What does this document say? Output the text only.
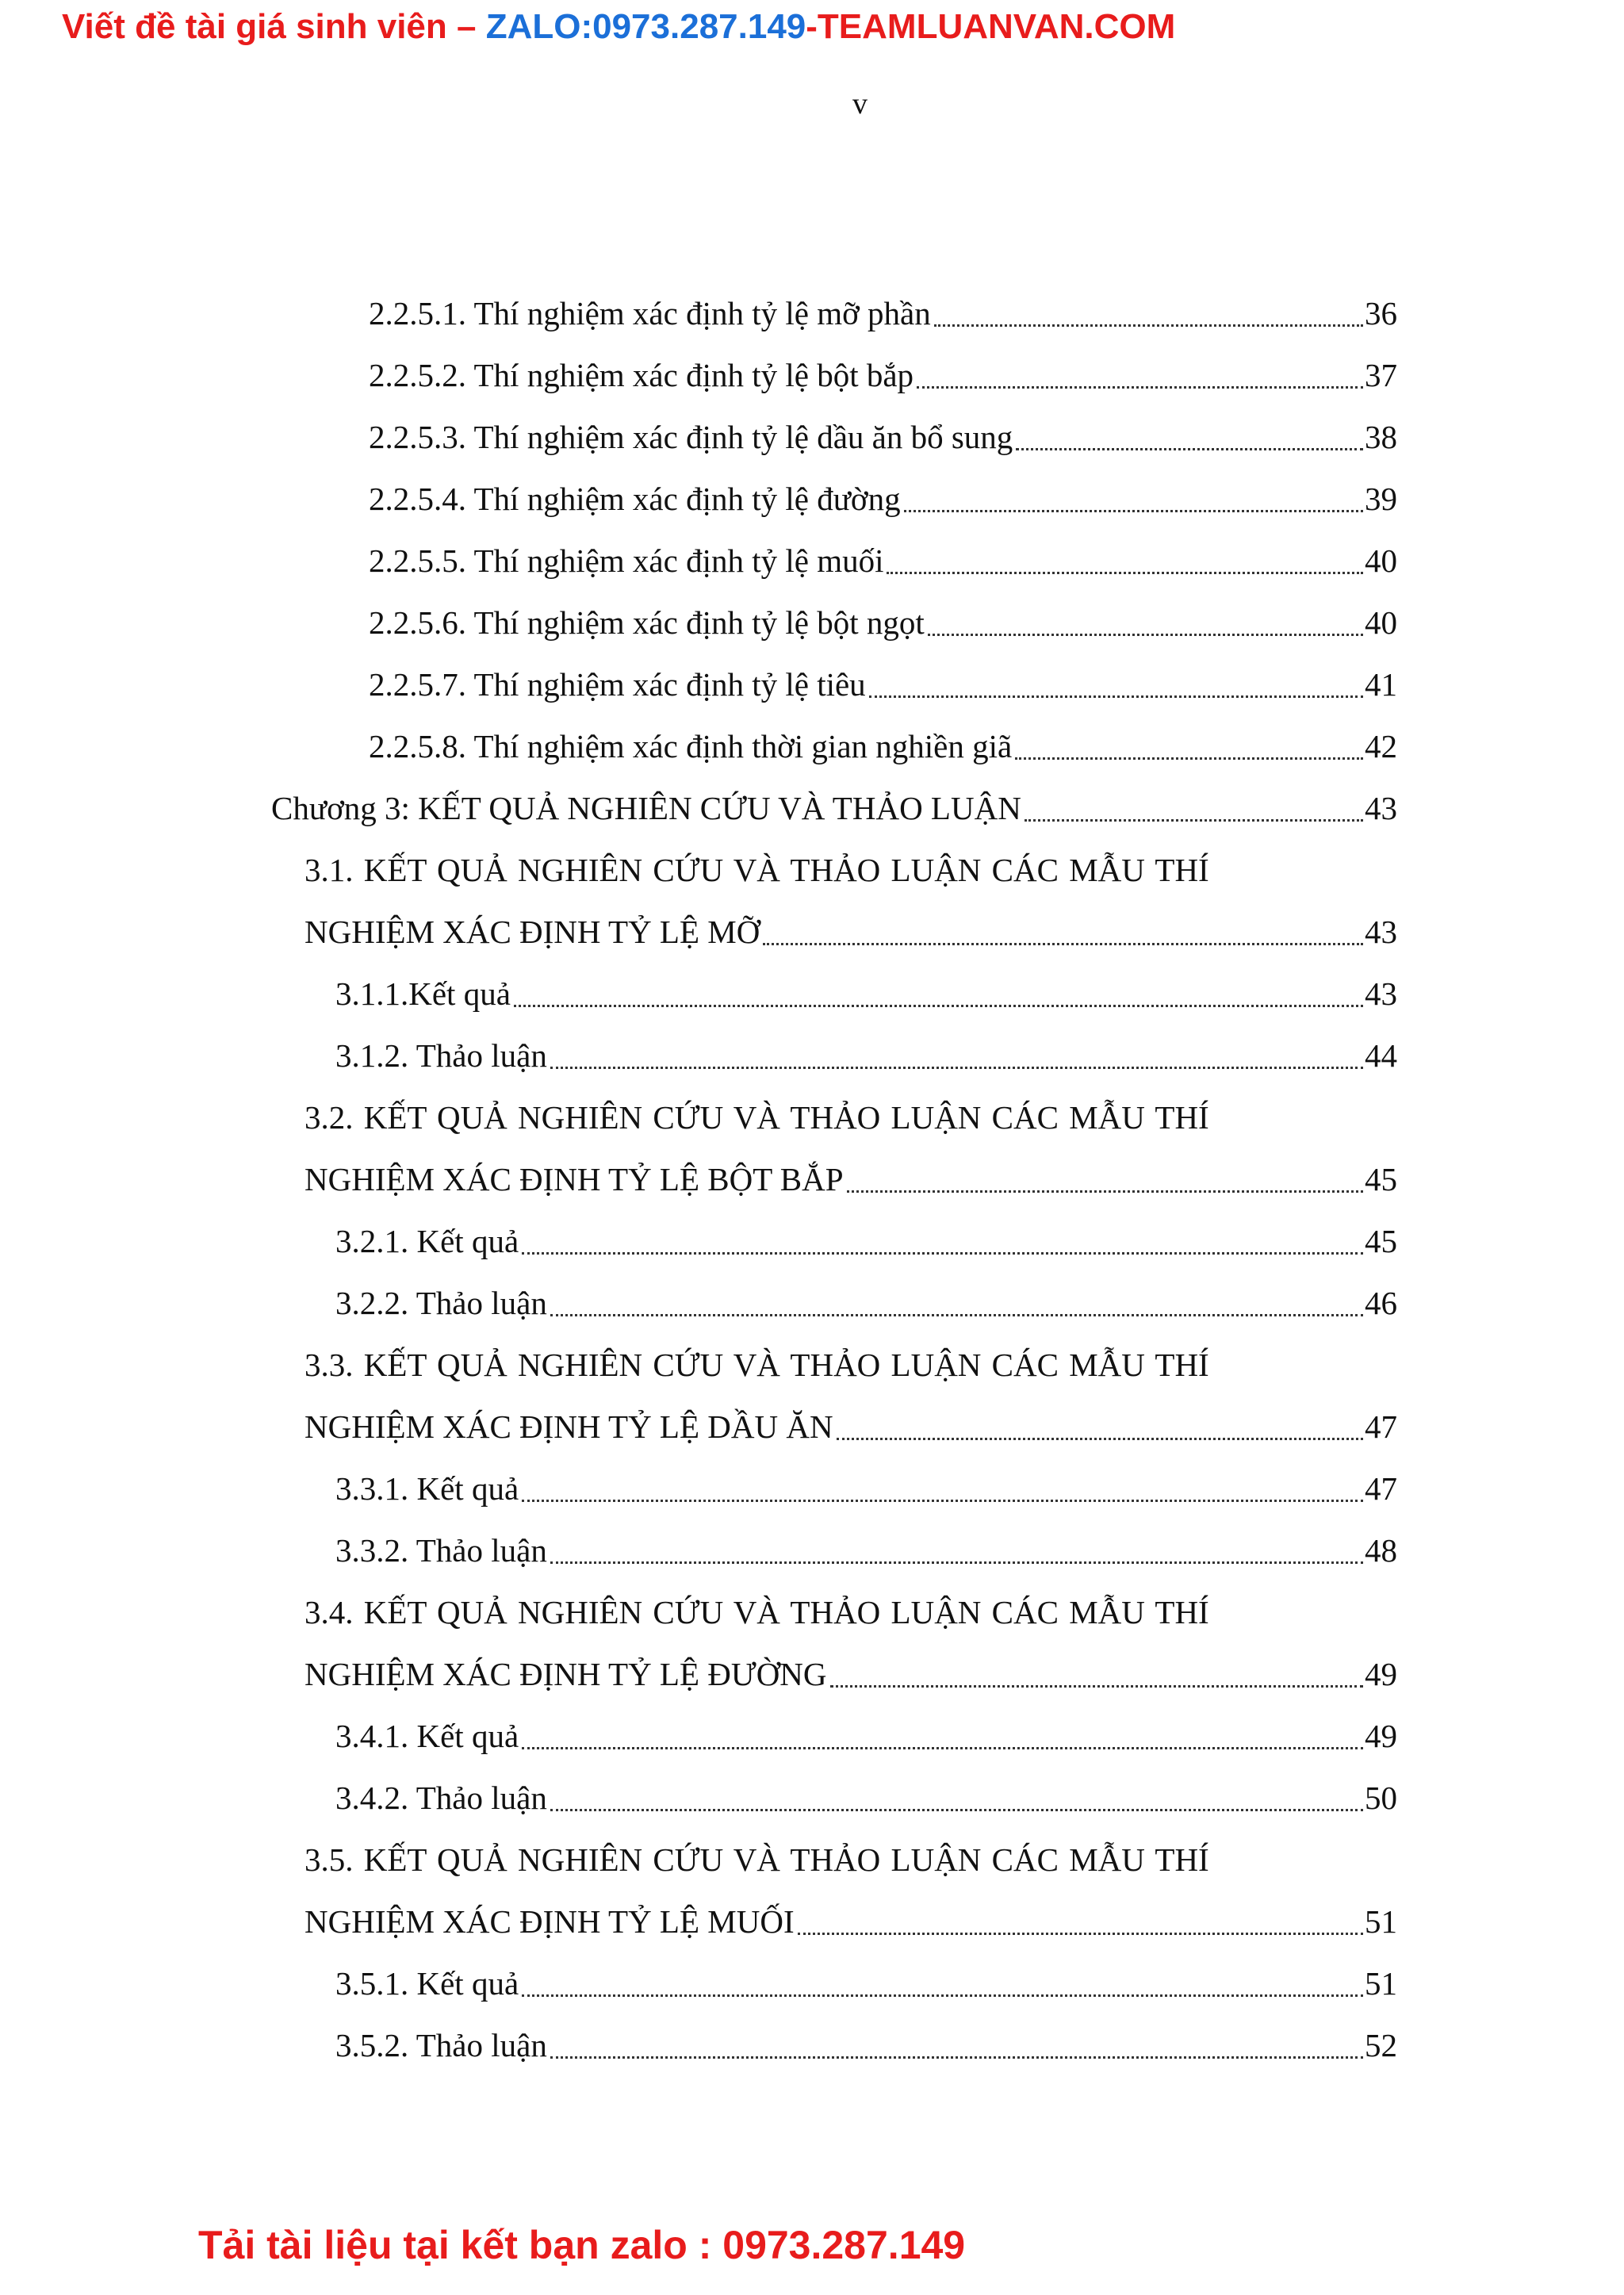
Viết đề tài giá sinh viên – ZALO:0973.287.149-TEAMLUANVAN.COM
v
2.2.5.1. Thí nghiệm xác định tỷ lệ mỡ phần	36
2.2.5.2. Thí nghiệm xác định tỷ lệ bột bắp	37
2.2.5.3. Thí nghiệm xác định tỷ lệ dầu ăn bổ sung	38
2.2.5.4. Thí nghiệm xác định tỷ lệ đường	39
2.2.5.5. Thí nghiệm xác định tỷ lệ muối	40
2.2.5.6. Thí nghiệm xác định tỷ lệ bột ngọt	40
2.2.5.7. Thí nghiệm xác định tỷ lệ tiêu	41
2.2.5.8. Thí nghiệm xác định thời gian nghiền giã	42
Chương 3: KẾT QUẢ NGHIÊN CỨU VÀ THẢO LUẬN	43
3.1. KẾT QUẢ NGHIÊN CỨU VÀ THẢO LUẬN CÁC MẪU THÍ
NGHIỆM XÁC ĐỊNH TỶ LỆ MỠ	43
3.1.1.Kết quả	43
3.1.2. Thảo luận	44
3.2. KẾT QUẢ NGHIÊN CỨU VÀ THẢO LUẬN CÁC MẪU THÍ
NGHIỆM XÁC ĐỊNH TỶ LỆ BỘT BẮP	45
3.2.1. Kết quả	45
3.2.2. Thảo luận	46
3.3. KẾT QUẢ NGHIÊN CỨU VÀ THẢO LUẬN CÁC MẪU THÍ
NGHIỆM XÁC ĐỊNH TỶ LỆ DẦU ĂN	47
3.3.1. Kết quả	47
3.3.2. Thảo luận	48
3.4. KẾT QUẢ NGHIÊN CỨU VÀ THẢO LUẬN CÁC MẪU THÍ
NGHIỆM XÁC ĐỊNH TỶ LỆ ĐƯỜNG	49
3.4.1. Kết quả	49
3.4.2. Thảo luận	50
3.5. KẾT QUẢ NGHIÊN CỨU VÀ THẢO LUẬN CÁC MẪU THÍ
NGHIỆM XÁC ĐỊNH TỶ LỆ MUỐI	51
3.5.1. Kết quả	51
3.5.2. Thảo luận	52
Tải tài liệu tại kết bạn zalo : 0973.287.149
